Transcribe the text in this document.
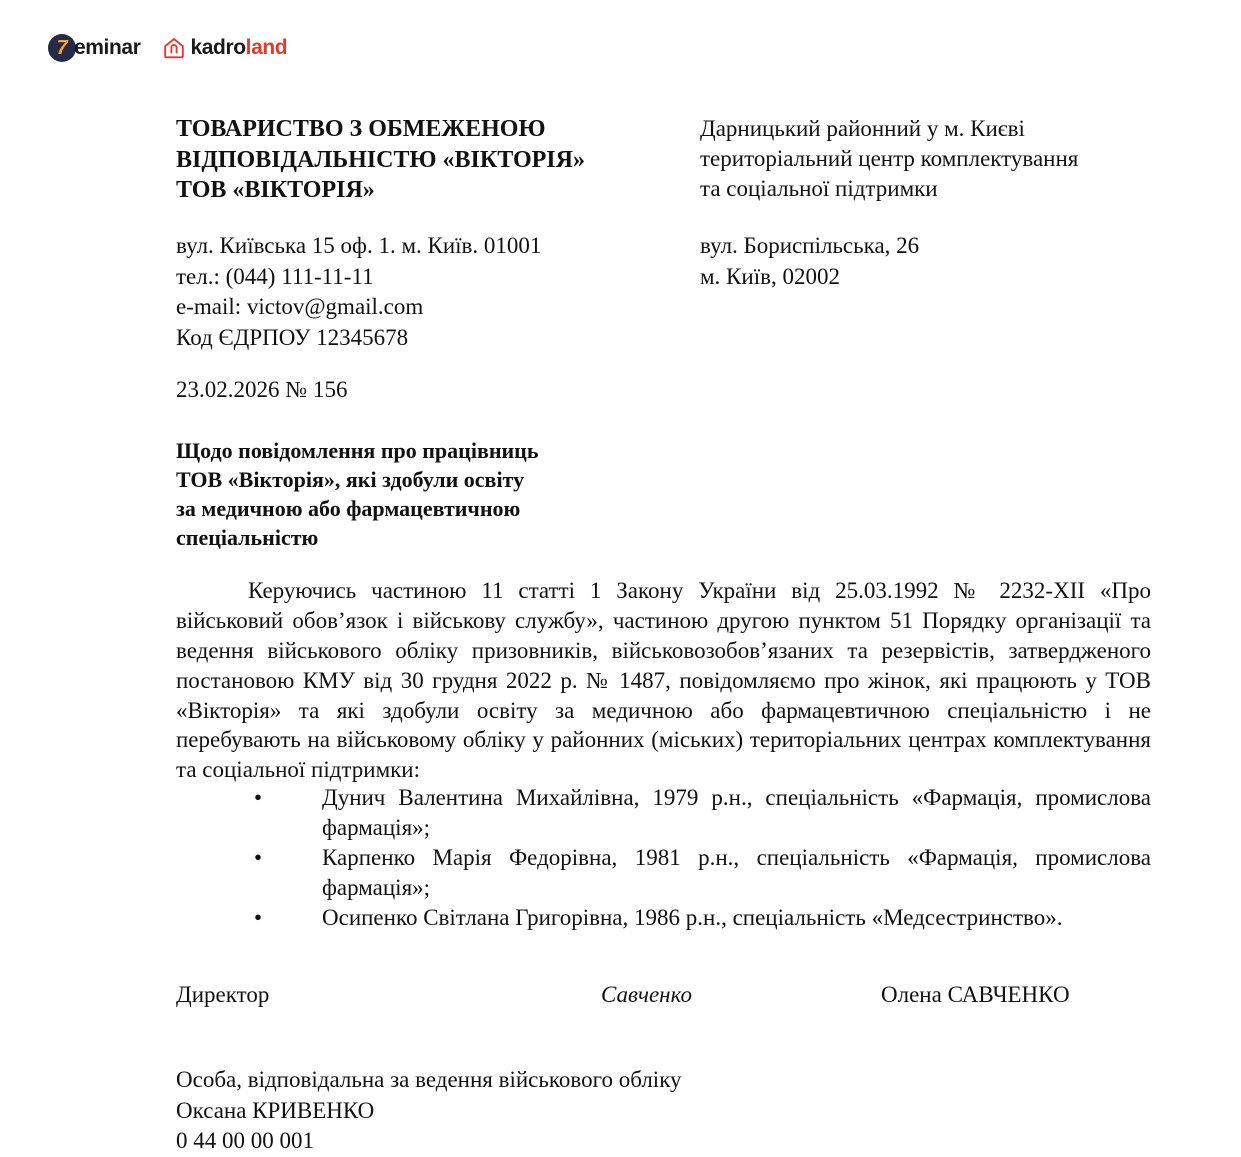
7 eminar kadro land
ТОВАРИСТВО З ОБМЕЖЕНОЮ
ВІДПОВІДАЛЬНІСТЮ «ВІКТОРІЯ»
ТОВ «ВІКТОРІЯ»
Дарницький районний у м. Києві
територіальний центр комплектування
та соціальної підтримки
вул. Київська 15 оф. 1. м. Київ. 01001
тел.: (044) 111-11-11
e-mail: victov@gmail.com
Код ЄДРПОУ 12345678
вул. Бориспільська, 26
м. Київ, 02002
23.02.2026 № 156
Щодо повідомлення про працівниць
ТОВ «Вікторія», які здобули освіту
за медичною або фармацевтичною
спеціальністю

Керуючись частиною 11 статті 1 Закону України від 25.03.1992 № 2232-XII «Про військовий обов’язок і військову службу», частиною другою пунктом 51 Порядку організації та ведення військового обліку призовників, військовозобов’язаних та резервістів, затвердженого постановою КМУ від 30 грудня 2022 р. № 1487, повідомляємо про жінок, які працюють у ТОВ «Вікторія» та які здобули освіту за медичною або фармацевтичною спеціальністю і не перебувають на військовому обліку у районних (міських) територіальних центрах комплектування та соціальної підтримки:

•	Дунич Валентина Михайлівна, 1979 р.н., спеціальність «Фармація, промислова фармація»;
•	Карпенко Марія Федорівна, 1981 р.н., спеціальність «Фармація, промислова фармація»;
•	Осипенко Світлана Григорівна, 1986 р.н., спеціальність «Медсестринство».
Директор	Савченко	Олена САВЧЕНКО
Особа, відповідальна за ведення військового обліку
Оксана КРИВЕНКО
0 44 00 00 001
